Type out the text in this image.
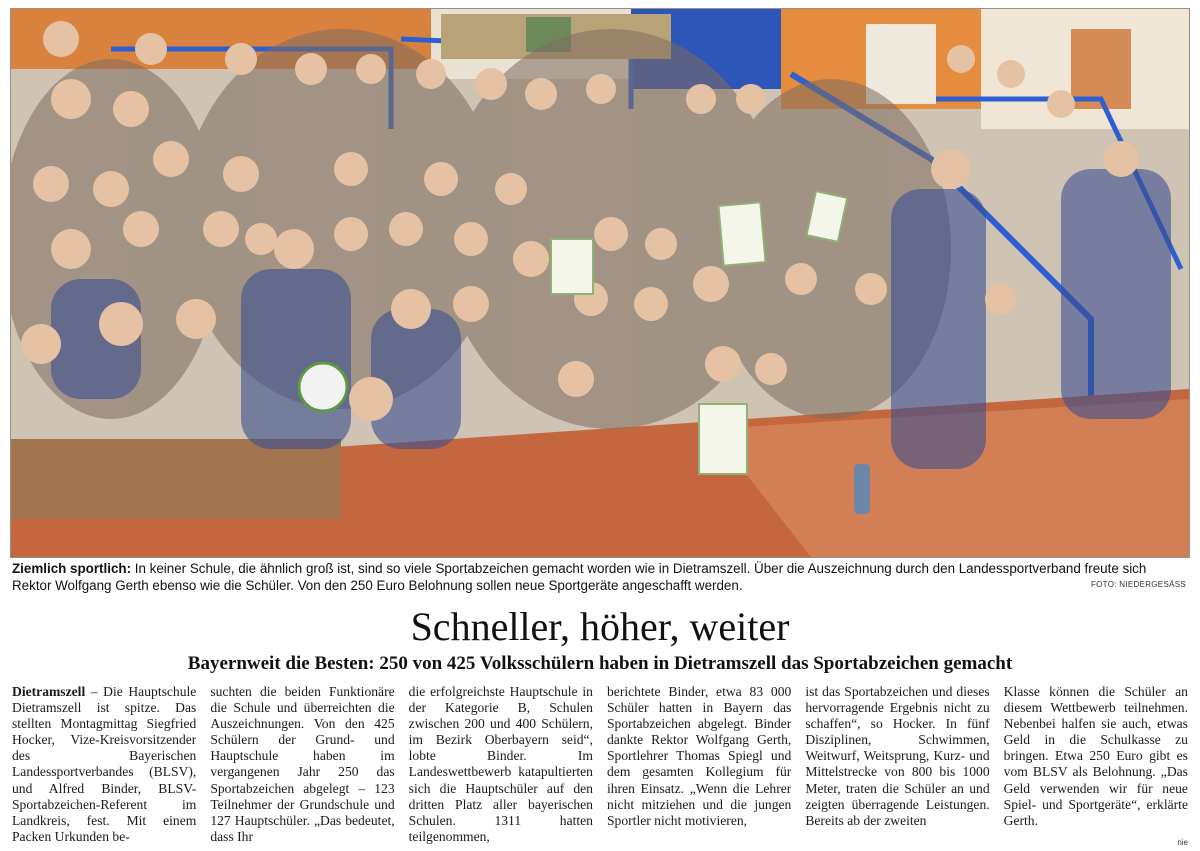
Ziemlich sportlich: In keiner Schule, die ähnlich groß ist, sind so viele Sportabzeichen gemacht worden wie in Dietramszell. Über die Auszeichnung durch den Landessportverband freute sich Rektor Wolfgang Gerth ebenso wie die Schüler. Von den 250 Euro Belohnung sollen neue Sportgeräte angeschafft werden.	FOTO: NIEDERGESÄSS
Schneller, höher, weiter
Bayernweit die Besten: 250 von 425 Volksschülern haben in Dietramszell das Sportabzeichen gemacht
Dietramszell – Die Hauptschule Dietramszell ist spitze. Das stellten Montagmittag Siegfried Hocker, Vize-Kreisvorsitzender des Bayerischen Landessportverbandes (BLSV), und Alfred Binder, BLSV-Sportabzeichen-Referent im Landkreis, fest. Mit einem Packen Urkunden be-
suchten die beiden Funktionäre die Schule und überreichten die Auszeichnungen. Von den 425 Schülern der Grund- und Hauptschule haben im vergangenen Jahr 250 das Sportabzeichen abgelegt – 123 Teilnehmer der Grundschule und 127 Hauptschüler. „Das bedeutet, dass Ihr
die erfolgreichste Hauptschule in der Kategorie B, Schulen zwischen 200 und 400 Schülern, im Bezirk Oberbayern seid“, lobte Binder. Im Landeswettbewerb katapultierten sich die Hauptschüler auf den dritten Platz aller bayerischen Schulen. 1311 hatten teilgenommen,
berichtete Binder, etwa 83 000 Schüler hatten in Bayern das Sportabzeichen abgelegt. Binder dankte Rektor Wolfgang Gerth, Sportlehrer Thomas Spiegl und dem gesamten Kollegium für ihren Einsatz. „Wenn die Lehrer nicht mitziehen und die jungen Sportler nicht motivieren,
ist das Sportabzeichen und dieses hervorragende Ergebnis nicht zu schaffen“, so Hocker. In fünf Disziplinen, Schwimmen, Weitwurf, Weitsprung, Kurz- und Mittelstrecke von 800 bis 1000 Meter, traten die Schüler an und zeigten überragende Leistungen. Bereits ab der zweiten
Klasse können die Schüler an diesem Wettbewerb teilnehmen. Nebenbei halfen sie auch, etwas Geld in die Schulkasse zu bringen. Etwa 250 Euro gibt es vom BLSV als Belohnung. „Das Geld verwenden wir für neue Spiel- und Sportgeräte“, erklärte Gerth.
nie
